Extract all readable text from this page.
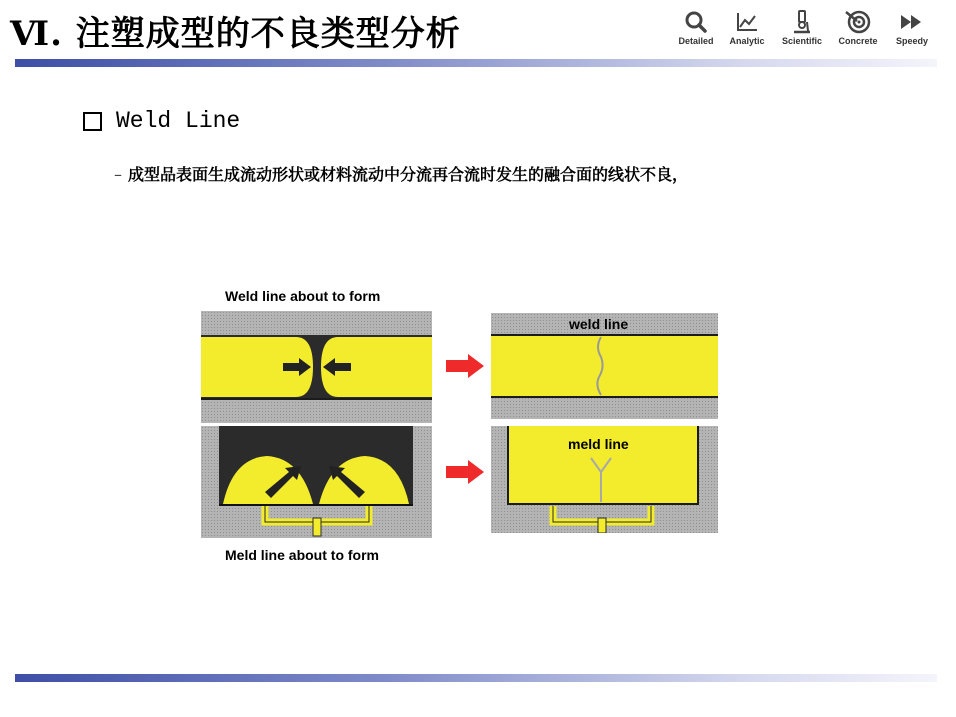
Ⅵ. 注塑成型的不良类型分析	Detailed	Analytic	Scientific	Concrete	Speedy
Weld Line
– 成型品表面生成流动形状或材料流动中分流再合流时发生的融合面的线状不良，
Weld line about to form
Meld line about to form
weld line
meld line
